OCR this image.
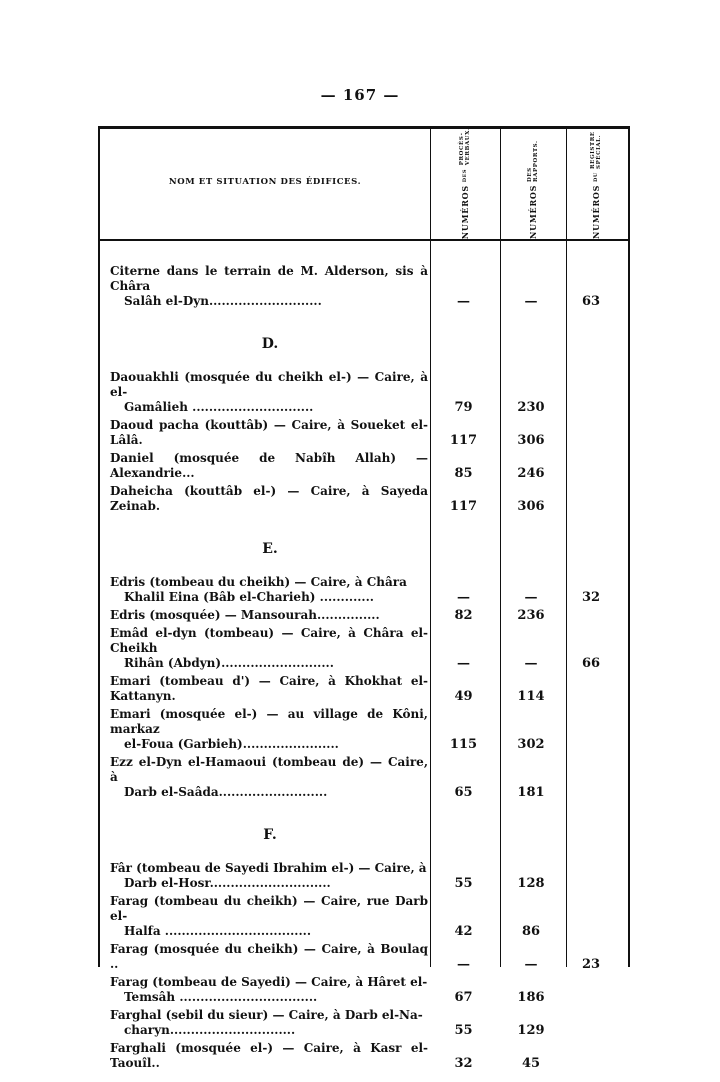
— 167 —
NOM ET SITUATION DES ÉDIFICES.
NUMÉROS
DES
PROCÈS-VERBAUX.
NUMÉROS
DES RAPPORTS.
NUMÉROS
DU
REGISTRE SPÉCIAL.
Citerne dans le terrain de M. Alderson, sis à Châra
Salâh el-Dyn...........................	—	—	63
D.
Daouakhli (mosquée du cheikh el-) — Caire, à el-
Gamâlieh .............................	79	230
Daoud pacha (kouttâb) — Caire, à Soueket el-Lâlâ.	117	306
Daniel (mosquée de Nabîh Allah) — Alexandrie...	85	246
Daheicha (kouttâb el-) — Caire, à Sayeda Zeinab.	117	306
E.
Edris (tombeau du cheikh) — Caire, à Châra
Khalil Eina (Bâb el-Charieh) .............	—	—	32
Edris (mosquée) — Mansourah...............	82	236
Emâd el-dyn (tombeau) — Caire, à Châra el-Cheikh
Rihân (Abdyn)...........................	—	—	66
Emari (tombeau d') — Caire, à Khokhat el-Kattanyn.	49	114
Emari (mosquée el-) — au village de Kôni, markaz
el-Foua (Garbieh).......................	115	302
Ezz el-Dyn el-Hamaoui (tombeau de) — Caire, à
Darb el-Saâda..........................	65	181
F.
Fâr (tombeau de Sayedi Ibrahim el-) — Caire, à
Darb el-Hosr.............................	55	128
Farag (tombeau du cheikh) — Caire, rue Darb el-
Halfa ...................................	42	86
Farag (mosquée du cheikh) — Caire, à Boulaq ..	—	—	23
Farag (tombeau de Sayedi) — Caire, à Hâret el-
Temsâh .................................	67	186
Farghal (sebil du sieur) — Caire, à Darb el-Na-
charyn..............................	55	129
Farghali (mosquée el-) — Caire, à Kasr el-Taouîl..	32	45
